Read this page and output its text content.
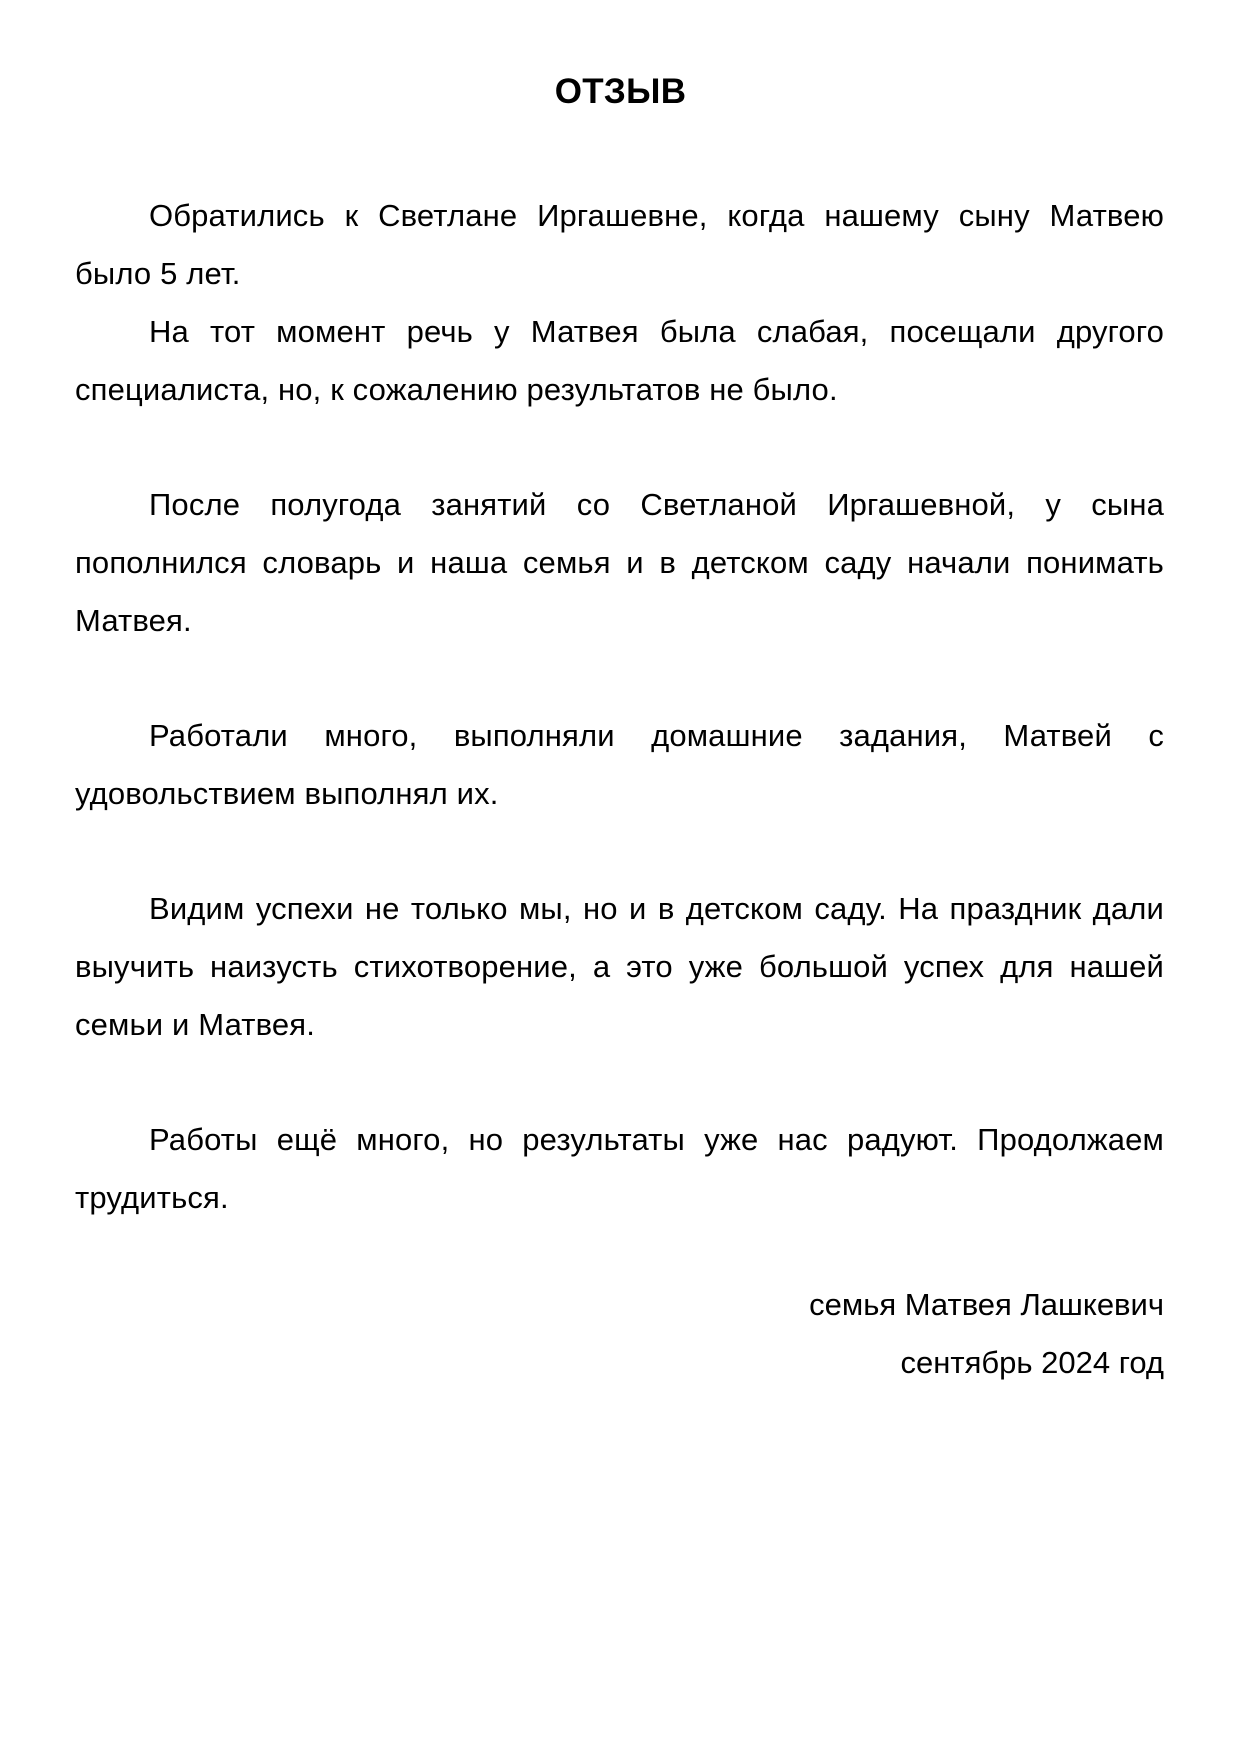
ОТЗЫВ

Обратились к Светлане Иргашевне, когда нашему сыну Матвею было 5 лет.

На тот момент речь у Матвея была слабая, посещали другого специалиста, но, к сожалению результатов не было.

После полугода занятий со Светланой Иргашевной, у сына пополнился словарь и наша семья и в детском саду начали понимать Матвея.

Работали много, выполняли домашние задания, Матвей с удовольствием выполнял их.

Видим успехи не только мы, но и в детском саду. На праздник дали выучить наизусть стихотворение, а это уже большой успех для нашей семьи и Матвея.

Работы ещё много, но результаты уже нас радуют. Продолжаем трудиться.

семья Матвея Лашкевич
сентябрь 2024 год
